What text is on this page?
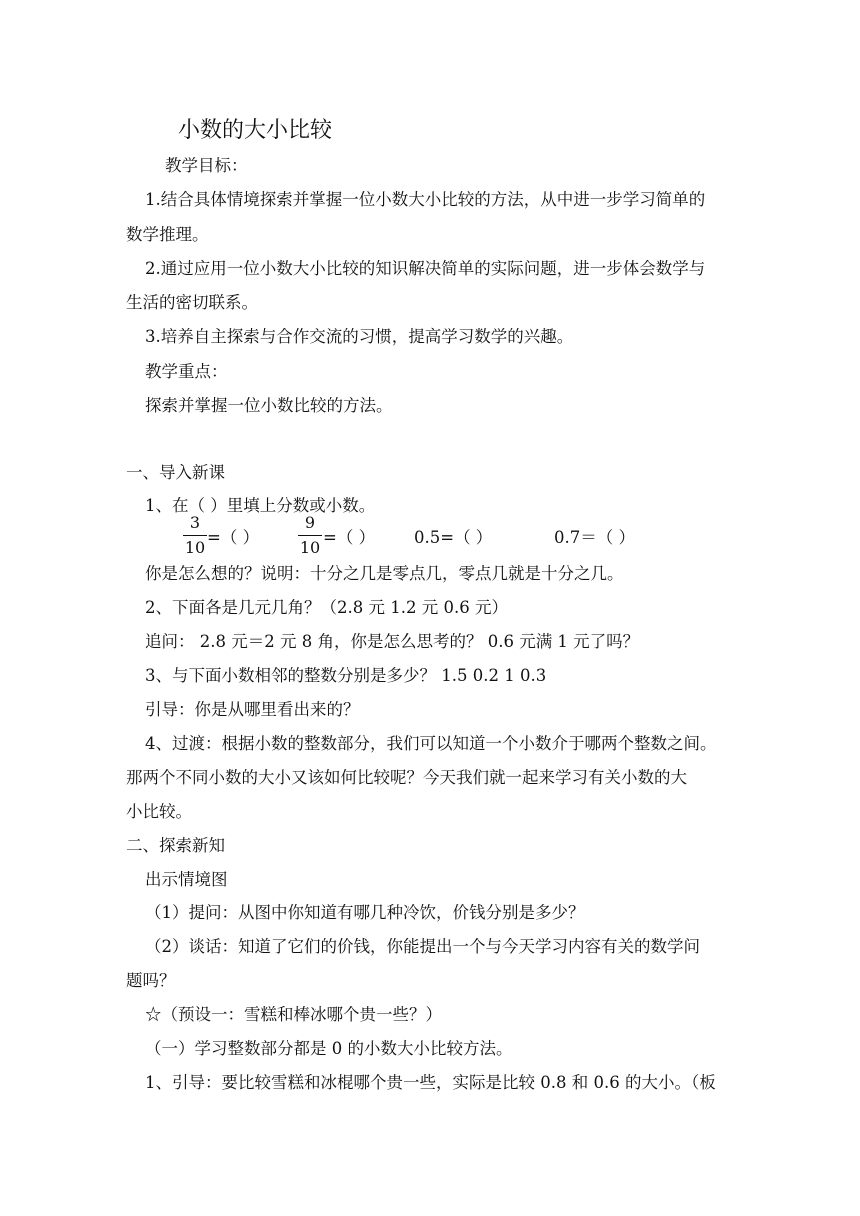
小数的大小比较
教学目标：
1.结合具体情境探索并掌握一位小数大小比较的方法，从中进一步学习简单的
数学推理。
2.通过应用一位小数大小比较的知识解决简单的实际问题，进一步体会数学与
生活的密切联系。
3.培养自主探索与合作交流的习惯，提高学习数学的兴趣。
教学重点：
探索并掌握一位小数比较的方法。
一、导入新课
1、在（ ）里填上分数或小数。
3
10
=（ ）
9
10
=（ ） 0.5=（ ）	0.7＝（ ）
你是怎么想的？说明：十分之几是零点几，零点几就是十分之几。
2、下面各是几元几角？（2.8 元 1.2 元 0.6 元）
追问： 2.8 元＝2 元 8 角，你是怎么思考的？ 0.6 元满 1 元了吗？
3、与下面小数相邻的整数分别是多少？ 1.5 0.2 1 0.3
引导：你是从哪里看出来的？
4、过渡：根据小数的整数部分，我们可以知道一个小数介于哪两个整数之间。
那两个不同小数的大小又该如何比较呢？今天我们就一起来学习有关小数的大
小比较。
二、探索新知
出示情境图
（1）提问：从图中你知道有哪几种冷饮，价钱分别是多少？
（2）谈话：知道了它们的价钱，你能提出一个与今天学习内容有关的数学问
题吗？
☆（预设一：雪糕和棒冰哪个贵一些？）
（一）学习整数部分都是 0 的小数大小比较方法。
1、引导：要比较雪糕和冰棍哪个贵一些，实际是比较 0.8 和 0.6 的大小。（板
